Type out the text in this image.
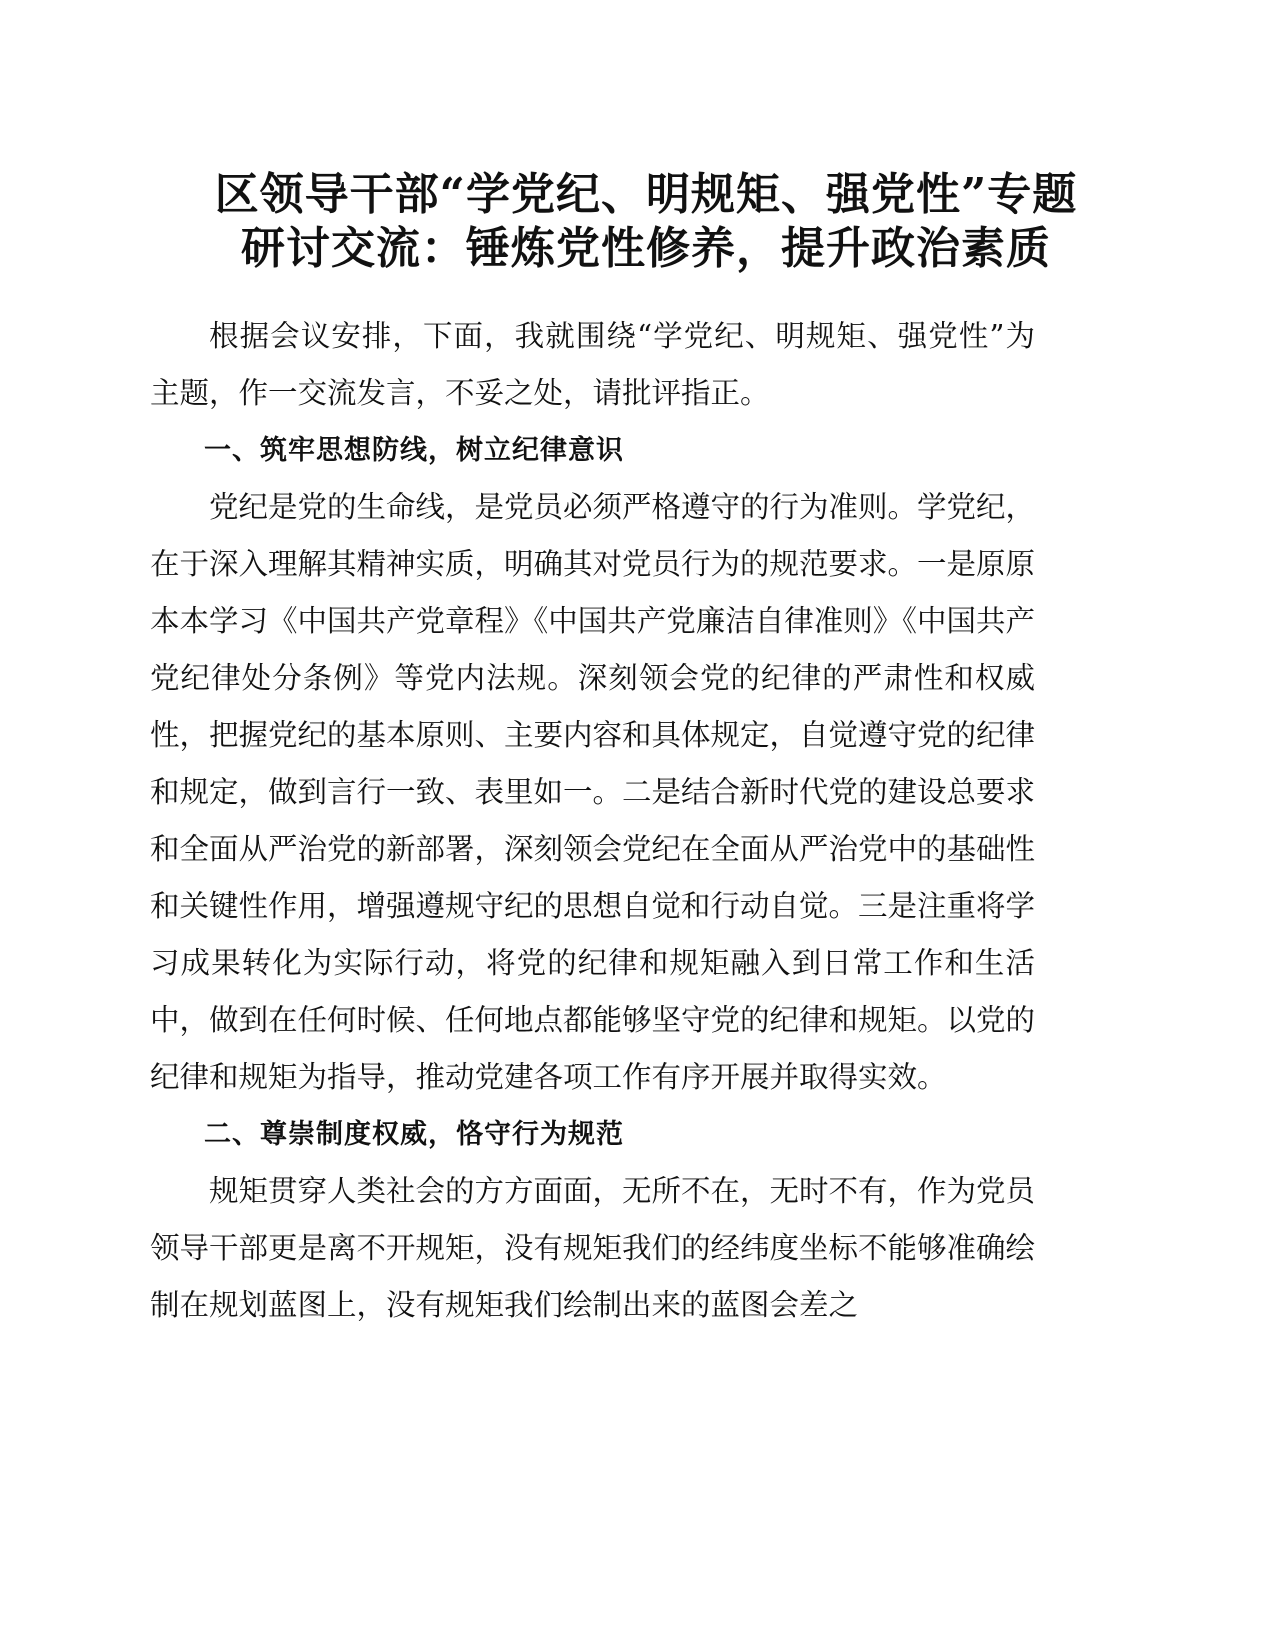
区领导干部“学党纪、明规矩、强党性”专题
研讨交流：锤炼党性修养，提升政治素质

根据会议安排，下面，我就围绕“学党纪、明规矩、强党性”为主题，作一交流发言，不妥之处，请批评指正。

一、筑牢思想防线，树立纪律意识

党纪是党的生命线，是党员必须严格遵守的行为准则。学党纪，在于深入理解其精神实质，明确其对党员行为的规范要求。一是原原本本学习《中国共产党章程》《中国共产党廉洁自律准则》《中国共产党纪律处分条例》等党内法规。深刻领会党的纪律的严肃性和权威性，把握党纪的基本原则、主要内容和具体规定，自觉遵守党的纪律和规定，做到言行一致、表里如一。二是结合新时代党的建设总要求和全面从严治党的新部署，深刻领会党纪在全面从严治党中的基础性和关键性作用，增强遵规守纪的思想自觉和行动自觉。三是注重将学习成果转化为实际行动，将党的纪律和规矩融入到日常工作和生活中，做到在任何时候、任何地点都能够坚守党的纪律和规矩。以党的纪律和规矩为指导，推动党建各项工作有序开展并取得实效。

二、尊崇制度权威，恪守行为规范

规矩贯穿人类社会的方方面面，无所不在，无时不有，作为党员领导干部更是离不开规矩，没有规矩我们的经纬度坐标不能够准确绘制在规划蓝图上，没有规矩我们绘制出来的蓝图会差之
